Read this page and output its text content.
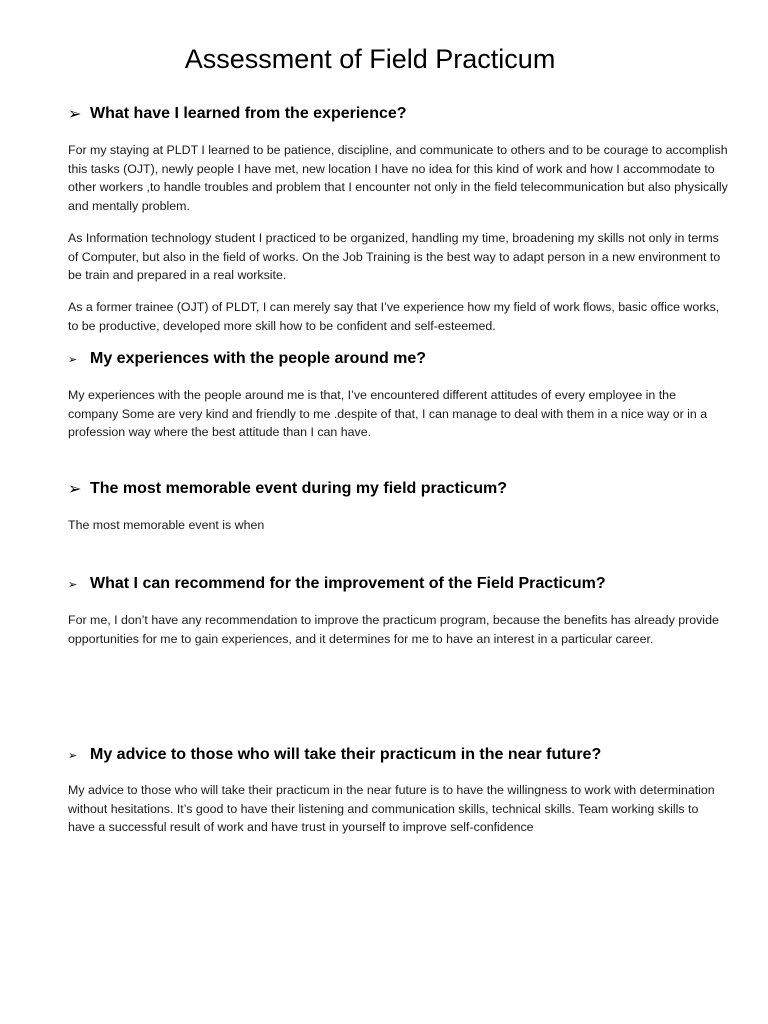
Assessment of Field Practicum
➢ What have I learned from the experience?

For my staying at PLDT I learned to be patience, discipline, and communicate to others and to be courage to accomplish this tasks (OJT), newly people I have met, new location I have no idea for this kind of work and how I accommodate to other workers ,to handle troubles and problem that I encounter not only in the field telecommunication but also physically and mentally problem.

As Information technology student I practiced to be organized, handling my time, broadening my skills not only in terms of Computer, but also in the field of works. On the Job Training is the best way to adapt person in a new environment to be train and prepared in a real worksite.

As a former trainee (OJT) of PLDT, I can merely say that I’ve experience how my field of work flows, basic office works, to be productive, developed more skill how to be confident and self-esteemed.

➢ My experiences with the people around me?

My experiences with the people around me is that, I’ve encountered different attitudes of every employee in the company Some are very kind and friendly to me .despite of that, I can manage to deal with them in a nice way or in a profession way where the best attitude than I can have.

➢ The most memorable event during my field practicum?

The most memorable event is when

➢ What I can recommend for the improvement of the Field Practicum?

For me, I don’t have any recommendation to improve the practicum program, because the benefits has already provide opportunities for me to gain experiences, and it determines for me to have an interest in a particular career.

➢ My advice to those who will take their practicum in the near future?

My advice to those who will take their practicum in the near future is to have the willingness to work with determination without hesitations. It’s good to have their listening and communication skills, technical skills. Team working skills to have a successful result of work and have trust in yourself to improve self-confidence
